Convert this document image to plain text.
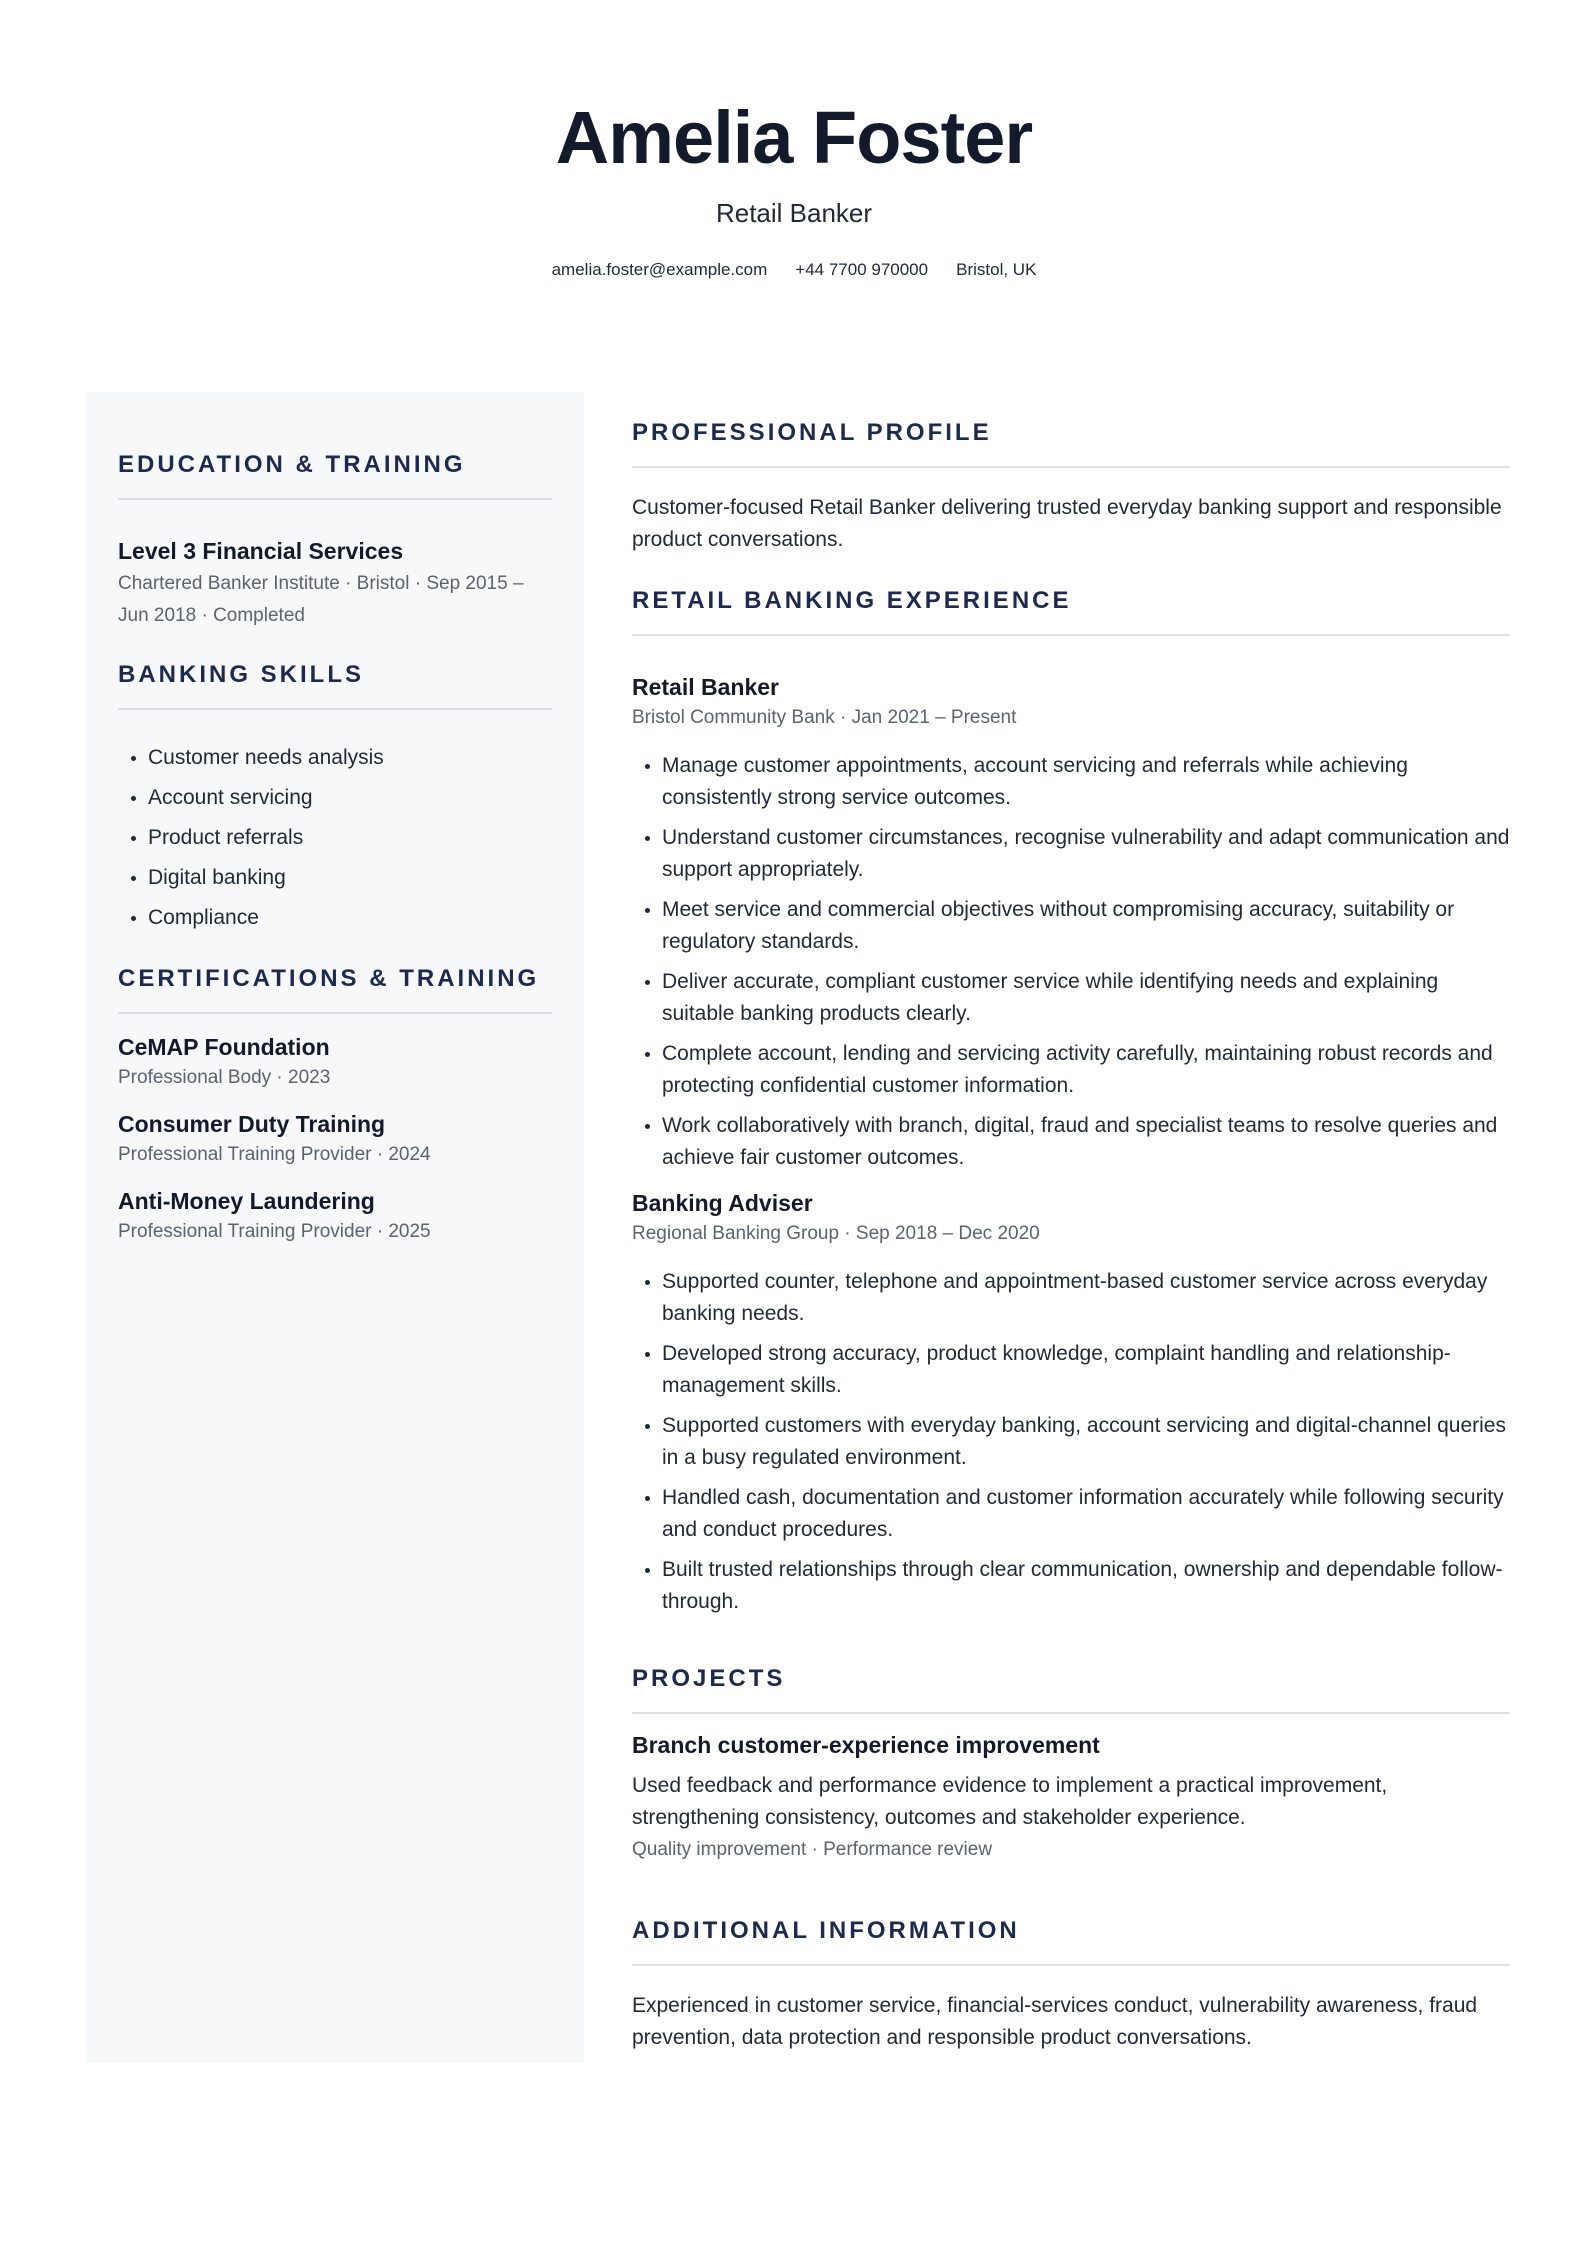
Amelia Foster
Retail Banker
amelia.foster@example.com +44 7700 970000 Bristol, UK
EDUCATION & TRAINING
Level 3 Financial Services
Chartered Banker Institute · Bristol · Sep 2015 – Jun 2018 · Completed
BANKING SKILLS
• Customer needs analysis
• Account servicing
• Product referrals
• Digital banking
• Compliance
CERTIFICATIONS & TRAINING
CeMAP Foundation
Professional Body · 2023
Consumer Duty Training
Professional Training Provider · 2024
Anti-Money Laundering
Professional Training Provider · 2025
PROFESSIONAL PROFILE
Customer-focused Retail Banker delivering trusted everyday banking support and responsible product conversations.
RETAIL BANKING EXPERIENCE
Retail Banker
Bristol Community Bank · Jan 2021 – Present
• Manage customer appointments, account servicing and referrals while achieving consistently strong service outcomes.
• Understand customer circumstances, recognise vulnerability and adapt communication and support appropriately.
• Meet service and commercial objectives without compromising accuracy, suitability or regulatory standards.
• Deliver accurate, compliant customer service while identifying needs and explaining suitable banking products clearly.
• Complete account, lending and servicing activity carefully, maintaining robust records and protecting confidential customer information.
• Work collaboratively with branch, digital, fraud and specialist teams to resolve queries and achieve fair customer outcomes.
Banking Adviser
Regional Banking Group · Sep 2018 – Dec 2020
• Supported counter, telephone and appointment-based customer service across everyday banking needs.
• Developed strong accuracy, product knowledge, complaint handling and relationship-management skills.
• Supported customers with everyday banking, account servicing and digital-channel queries in a busy regulated environment.
• Handled cash, documentation and customer information accurately while following security and conduct procedures.
• Built trusted relationships through clear communication, ownership and dependable follow-through.
PROJECTS
Branch customer-experience improvement
Used feedback and performance evidence to implement a practical improvement, strengthening consistency, outcomes and stakeholder experience.
Quality improvement · Performance review
ADDITIONAL INFORMATION
Experienced in customer service, financial-services conduct, vulnerability awareness, fraud prevention, data protection and responsible product conversations.
